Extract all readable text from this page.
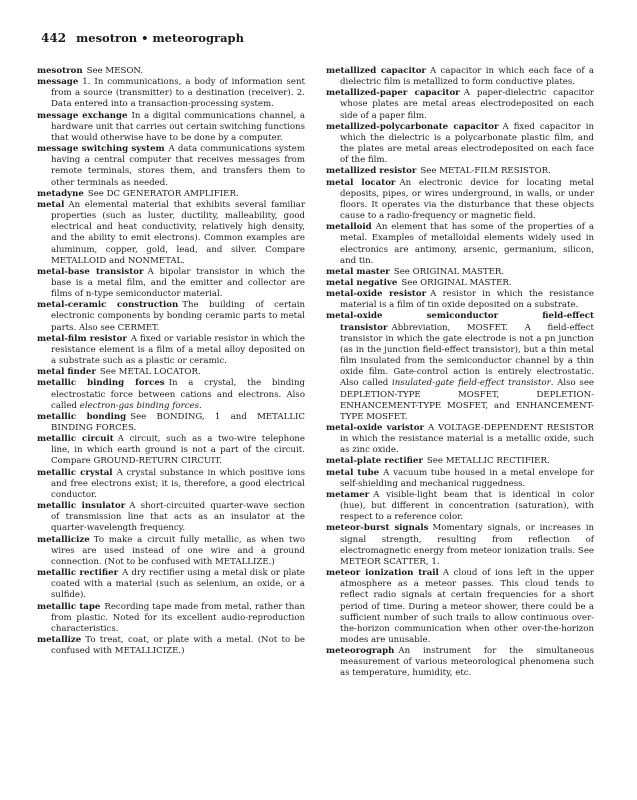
442 mesotron • meteorograph

mesotron See MESON.

message 1. In communications, a body of information sent from a source (transmitter) to a destination (receiver). 2. Data entered into a transaction-processing system.

message exchange In a digital communications channel, a hardware unit that carries out certain switching functions that would otherwise have to be done by a computer.

message switching system A data communications system having a central computer that receives messages from remote terminals, stores them, and transfers them to other terminals as needed.

metadyne See DC GENERATOR AMPLIFIER.

metal An elemental material that exhibits several familiar properties (such as luster, ductility, malleability, good electrical and heat conductivity, relatively high density, and the ability to emit electrons). Common examples are aluminum, copper, gold, lead, and silver. Compare METALLOID and NONMETAL.

metal-base transistor A bipolar transistor in which the base is a metal film, and the emitter and collector are films of n-type semiconductor material.

metal-ceramic construction The building of certain electronic components by bonding ceramic parts to metal parts. Also see CERMET.

metal-film resistor A fixed or variable resistor in which the resistance element is a film of a metal alloy deposited on a substrate such as a plastic or ceramic.

metal finder See METAL LOCATOR.

metallic binding forces In a crystal, the binding electrostatic force between cations and electrons. Also called electron-gas binding forces.

metallic bonding See BONDING, 1 and METALLIC BINDING FORCES.

metallic circuit A circuit, such as a two-wire telephone line, in which earth ground is not a part of the circuit. Compare GROUND-RETURN CIRCUIT.

metallic crystal A crystal substance in which positive ions and free electrons exist; it is, therefore, a good electrical conductor.

metallic insulator A short-circuited quarter-wave section of transmission line that acts as an insulator at the quarter-wavelength frequency.

metallicize To make a circuit fully metallic, as when two wires are used instead of one wire and a ground connection. (Not to be confused with METALLIZE.)

metallic rectifier A dry rectifier using a metal disk or plate coated with a material (such as selenium, an oxide, or a sulfide).

metallic tape Recording tape made from metal, rather than from plastic. Noted for its excellent audio-reproduction characteristics.

metallize To treat, coat, or plate with a metal. (Not to be confused with METALLICIZE.)

metallized capacitor A capacitor in which each face of a dielectric film is metallized to form conductive plates.

metallized-paper capacitor A paper-dielectric capacitor whose plates are metal areas electrodeposited on each side of a paper film.

metallized-polycarbonate capacitor A fixed capacitor in which the dielectric is a polycarbonate plastic film, and the plates are metal areas electrodeposited on each face of the film.

metallized resistor See METAL-FILM RESISTOR.

metal locator An electronic device for locating metal deposits, pipes, or wires underground, in walls, or under floors. It operates via the disturbance that these objects cause to a radio-frequency or magnetic field.

metalloid An element that has some of the properties of a metal. Examples of metalloidal elements widely used in electronics are antimony, arsenic, germanium, silicon, and tin.

metal master See ORIGINAL MASTER.

metal negative See ORIGINAL MASTER.

metal-oxide resistor A resistor in which the resistance material is a film of tin oxide deposited on a substrate.

metal-oxide semiconductor field-effect transistor Abbreviation, MOSFET. A field-effect transistor in which the gate electrode is not a pn junction (as in the junction field-effect transistor), but a thin metal film insulated from the semiconductor channel by a thin oxide film. Gate-control action is entirely electrostatic. Also called insulated-gate field-effect transistor. Also see DEPLETION-TYPE MOSFET, DEPLETION-ENHANCEMENT-TYPE MOSFET, and ENHANCEMENT-TYPE MOSFET.

metal-oxide varistor A VOLTAGE-DEPENDENT RESISTOR in which the resistance material is a metallic oxide, such as zinc oxide.

metal-plate rectifier See METALLIC RECTIFIER.

metal tube A vacuum tube housed in a metal envelope for self-shielding and mechanical ruggedness.

metamer A visible-light beam that is identical in color (hue), but different in concentration (saturation), with respect to a reference color.

meteor-burst signals Momentary signals, or increases in signal strength, resulting from reflection of electromagnetic energy from meteor ionization trails. See METEOR SCATTER, 1.

meteor ionization trail A cloud of ions left in the upper atmosphere as a meteor passes. This cloud tends to reflect radio signals at certain frequencies for a short period of time. During a meteor shower, there could be a sufficient number of such trails to allow continuous over-the-horizon communication when other over-the-horizon modes are unusable.

meteorograph An instrument for the simultaneous measurement of various meteorological phenomena such as temperature, humidity, etc.
